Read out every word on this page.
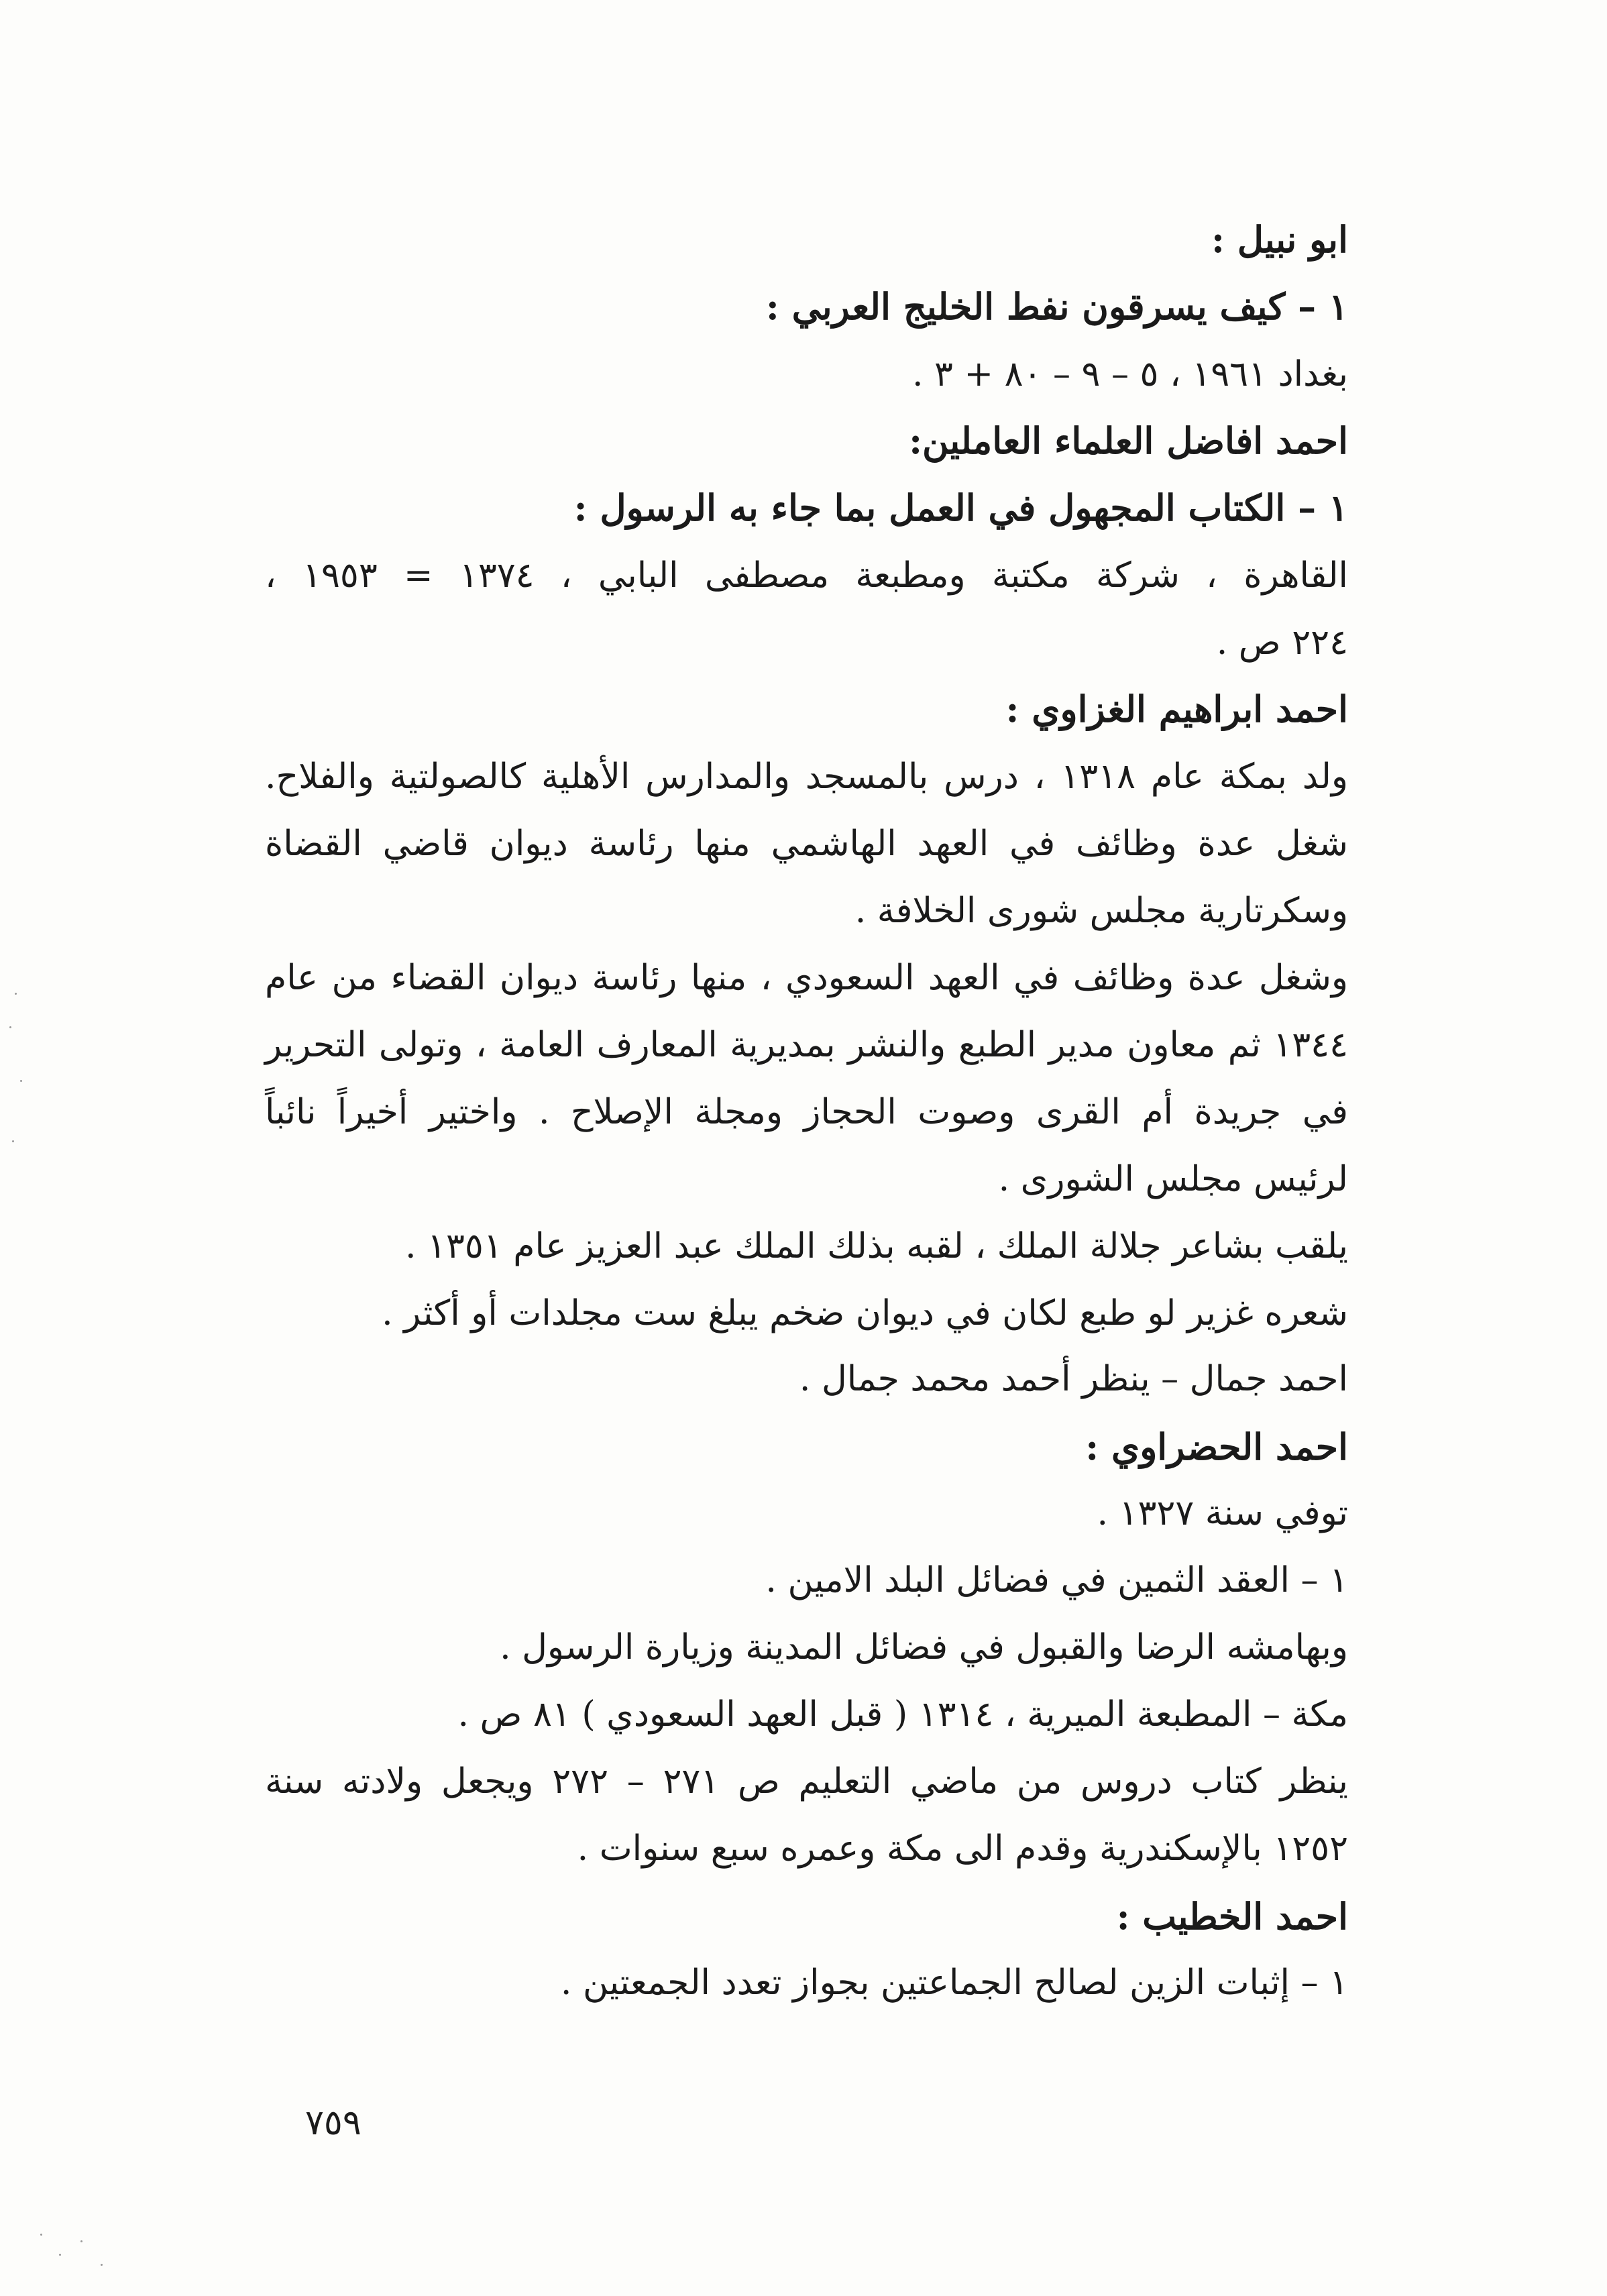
ابو نبيل :
١ – كيف يسرقون نفط الخليج العربي :
بغداد ١٩٦١ ، ٥ – ٩ – ٨٠ + ٣ .
احمد افاضل العلماء العاملين:
١ – الكتاب المجهول في العمل بما جاء به الرسول :
القاهرة ، شركة مكتبة ومطبعة مصطفى البابي ، ١٣٧٤ = ١٩٥٣ ،
٢٢٤ ص .
احمد ابراهيم الغزاوي :
ولد بمكة عام ١٣١٨ ، درس بالمسجد والمدارس الأهلية كالصولتية والفلاح.
شغل عدة وظائف في العهد الهاشمي منها رئاسة ديوان قاضي القضاة
وسكرتارية مجلس شورى الخلافة .
وشغل عدة وظائف في العهد السعودي ، منها رئاسة ديوان القضاء من عام
١٣٤٤ ثم معاون مدير الطبع والنشر بمديرية المعارف العامة ، وتولى التحرير
في جريدة أم القرى وصوت الحجاز ومجلة الإصلاح . واختير أخيراً نائباً
لرئيس مجلس الشورى .
يلقب بشاعر جلالة الملك ، لقبه بذلك الملك عبد العزيز عام ١٣٥١ .
شعره غزير لو طبع لكان في ديوان ضخم يبلغ ست مجلدات أو أكثر .
احمد جمال – ينظر أحمد محمد جمال .
احمد الحضراوي :
توفي سنة ١٣٢٧ .
١ – العقد الثمين في فضائل البلد الامين .
وبهامشه الرضا والقبول في فضائل المدينة وزيارة الرسول .
مكة – المطبعة الميرية ، ١٣١٤ ( قبل العهد السعودي ) ٨١ ص .
ينظر كتاب دروس من ماضي التعليم ص ٢٧١ – ٢٧٢ ويجعل ولادته سنة
١٢٥٢ بالإسكندرية وقدم الى مكة وعمره سبع سنوات .
احمد الخطيب :
١ – إثبات الزين لصالح الجماعتين بجواز تعدد الجمعتين .
٧٥٩
